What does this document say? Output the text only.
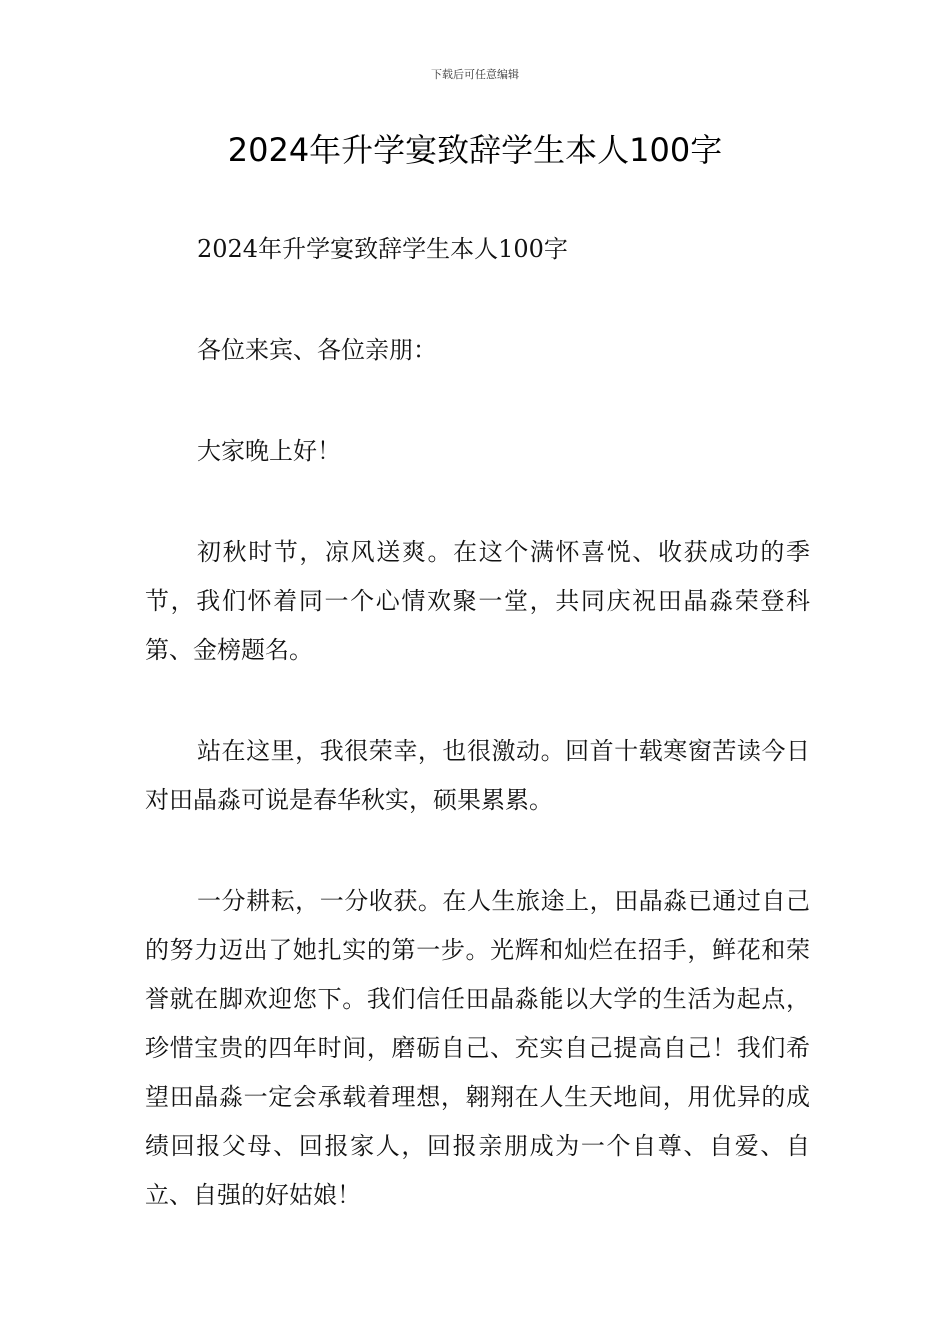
下载后可任意编辑
2024年升学宴致辞学生本人100字

2024年升学宴致辞学生本人100字

各位来宾、各位亲朋：

大家晚上好！

初秋时节，凉风送爽。在这个满怀喜悦、收获成功的季节，我们怀着同一个心情欢聚一堂，共同庆祝田晶淼荣登科第、金榜题名。

站在这里，我很荣幸，也很激动。回首十载寒窗苦读今日对田晶淼可说是春华秋实，硕果累累。

一分耕耘，一分收获。在人生旅途上，田晶淼已通过自己的努力迈出了她扎实的第一步。光辉和灿烂在招手，鲜花和荣誉就在脚欢迎您下。我们信任田晶淼能以大学的生活为起点，珍惜宝贵的四年时间，磨砺自己、充实自己提高自己！我们希望田晶淼一定会承载着理想，翱翔在人生天地间，用优异的成绩回报父母、回报家人，回报亲朋成为一个自尊、自爱、自立、自强的好姑娘！
